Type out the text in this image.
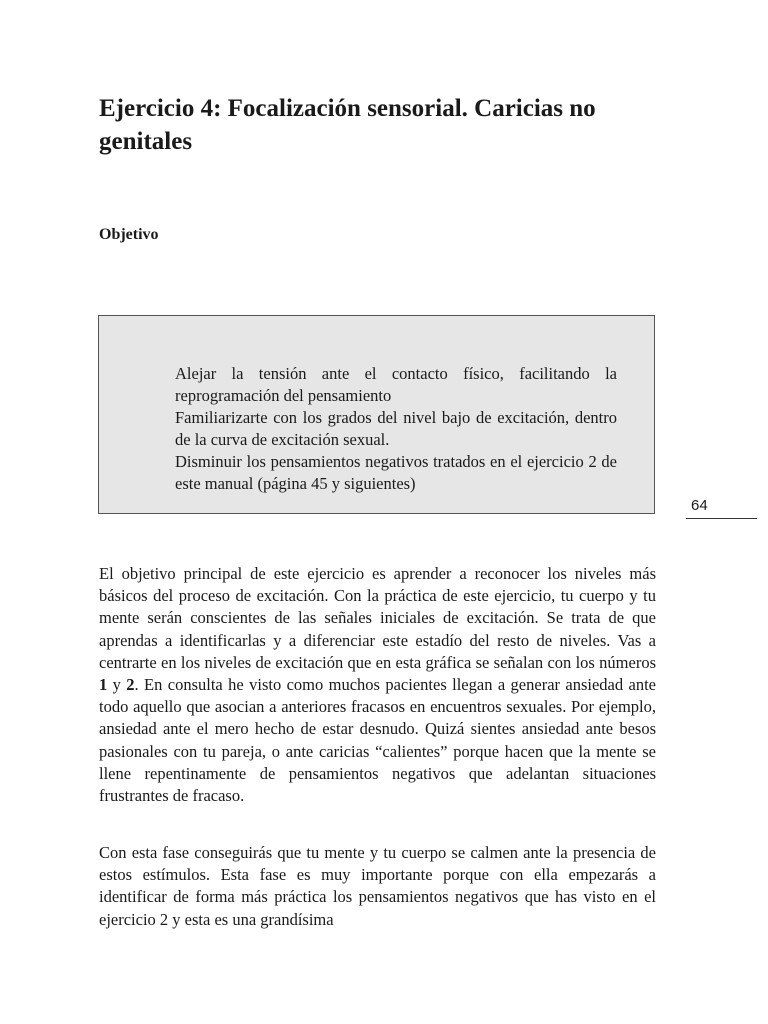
Ejercicio 4: Focalización sensorial. Caricias no genitales
Objetivo
Alejar la tensión ante el contacto físico, facilitando la reprogramación del pensamiento
Familiarizarte con los grados del nivel bajo de excitación, dentro de la curva de excitación sexual.
Disminuir los pensamientos negativos tratados en el ejercicio 2 de este manual (página 45 y siguientes)
64

El objetivo principal de este ejercicio es aprender a reconocer los niveles más básicos del proceso de excitación. Con la práctica de este ejercicio, tu cuerpo y tu mente serán conscientes de las señales iniciales de excitación. Se trata de que aprendas a identificarlas y a diferenciar este estadío del resto de niveles. Vas a centrarte en los niveles de excitación que en esta gráfica se señalan con los números 1 y 2. En consulta he visto como muchos pacientes llegan a generar ansiedad ante todo aquello que asocian a anteriores fracasos en encuentros sexuales. Por ejemplo, ansiedad ante el mero hecho de estar desnudo. Quizá sientes ansiedad ante besos pasionales con tu pareja, o ante caricias “calientes” porque hacen que la mente se llene repentinamente de pensamientos negativos que adelantan situaciones frustrantes de fracaso.

Con esta fase conseguirás que tu mente y tu cuerpo se calmen ante la presencia de estos estímulos. Esta fase es muy importante porque con ella empezarás a identificar de forma más práctica los pensamientos negativos que has visto en el ejercicio 2 y esta es una grandísima
